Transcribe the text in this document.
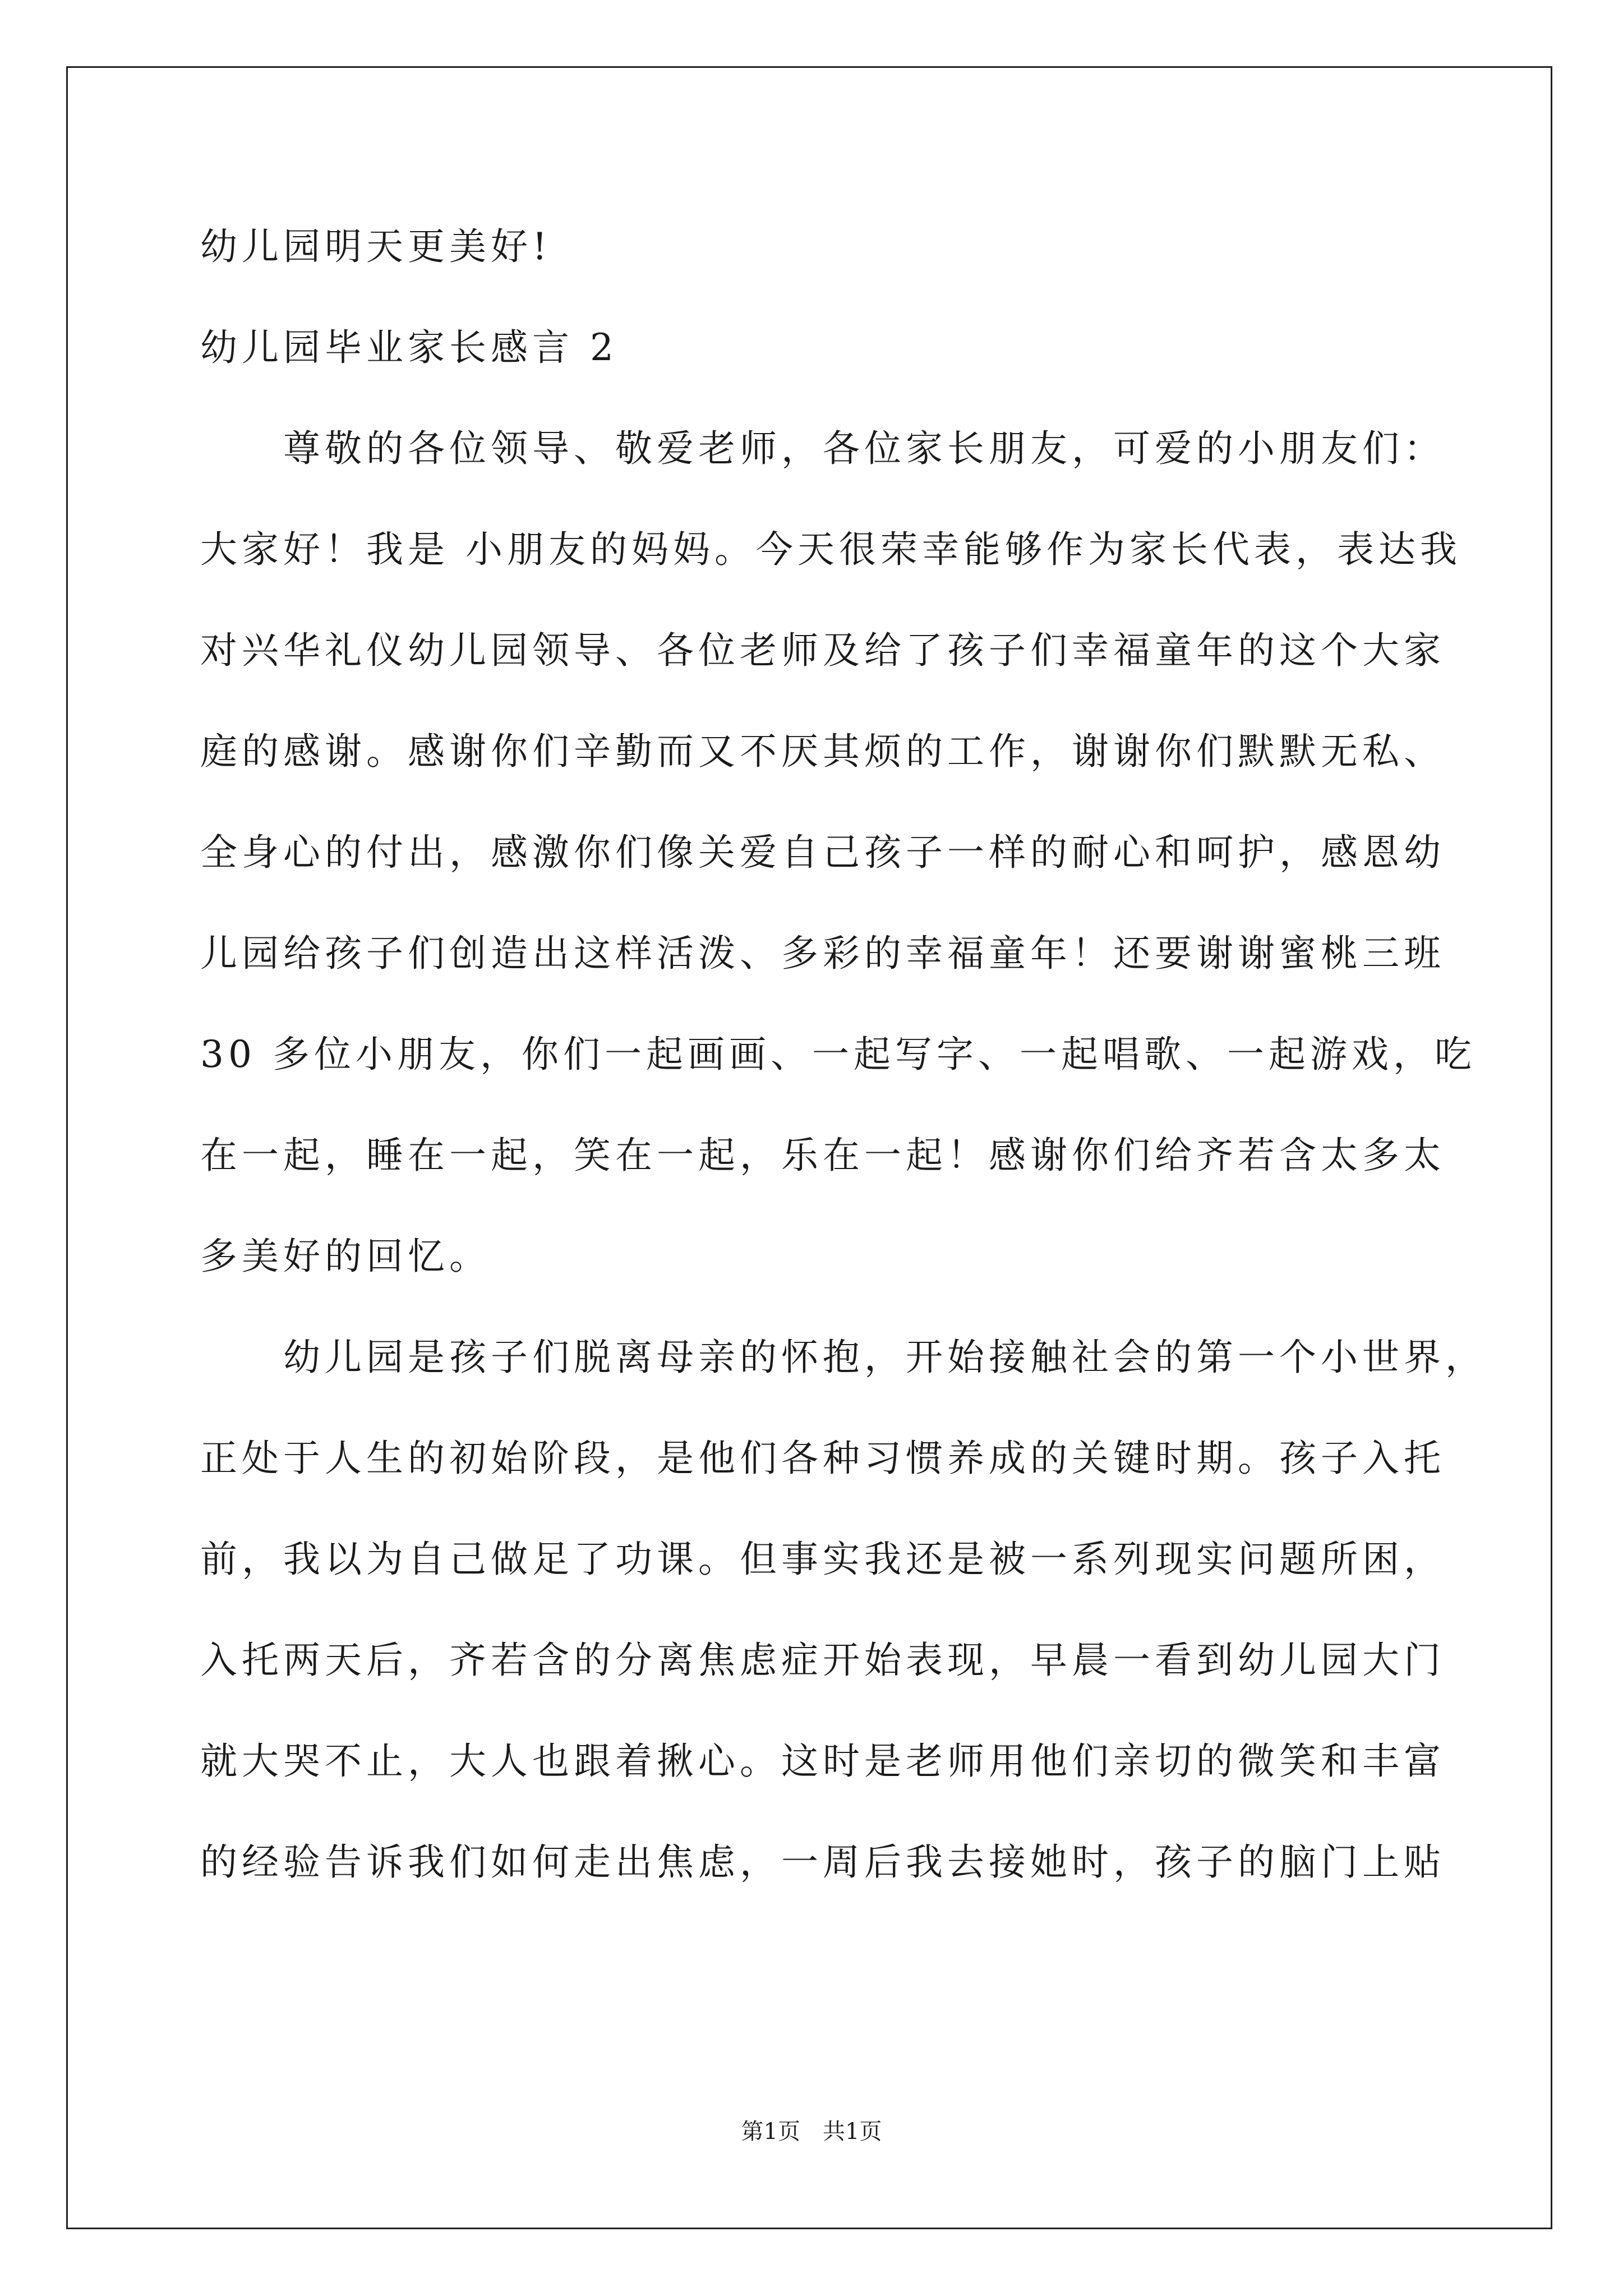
幼儿园明天更美好!
幼儿园毕业家长感言 2
　　尊敬的各位领导、敬爱老师，各位家长朋友，可爱的小朋友们：
大家好！我是 小朋友的妈妈。今天很荣幸能够作为家长代表，表达我
对兴华礼仪幼儿园领导、各位老师及给了孩子们幸福童年的这个大家
庭的感谢。感谢你们辛勤而又不厌其烦的工作，谢谢你们默默无私、
全身心的付出，感激你们像关爱自己孩子一样的耐心和呵护，感恩幼
儿园给孩子们创造出这样活泼、多彩的幸福童年！还要谢谢蜜桃三班
30 多位小朋友，你们一起画画、一起写字、一起唱歌、一起游戏，吃
在一起，睡在一起，笑在一起，乐在一起！感谢你们给齐若含太多太
多美好的回忆。
　　幼儿园是孩子们脱离母亲的怀抱，开始接触社会的第一个小世界，
正处于人生的初始阶段，是他们各种习惯养成的关键时期。孩子入托
前，我以为自己做足了功课。但事实我还是被一系列现实问题所困，
入托两天后，齐若含的分离焦虑症开始表现，早晨一看到幼儿园大门
就大哭不止，大人也跟着揪心。这时是老师用他们亲切的微笑和丰富
的经验告诉我们如何走出焦虑，一周后我去接她时，孩子的脑门上贴
第1页　共1页
